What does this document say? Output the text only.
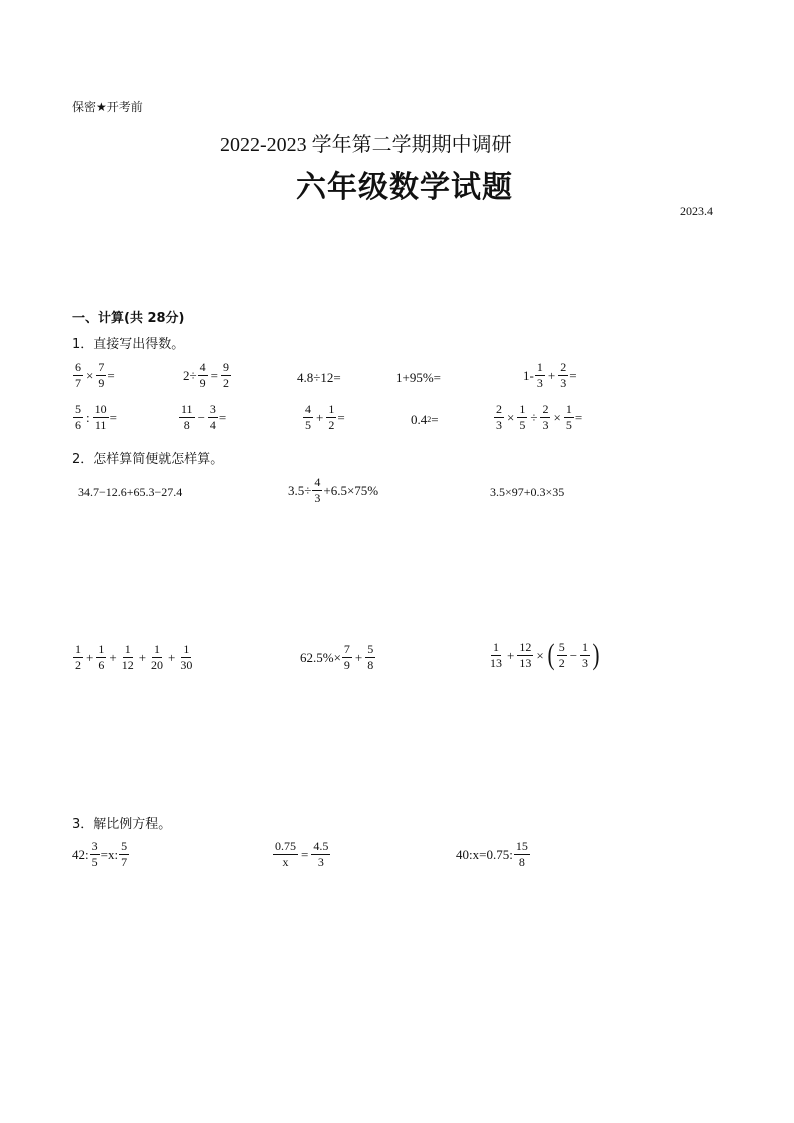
保密★开考前
2022-2023 学年第二学期期中调研
六年级数学试题
2023.4
一、计算(共 28分)
1．直接写出得数。
$\frac{6}{7} \times \frac{7}{9}$ =	$2\div \frac{4}{9} = \frac{9}{2}$	4.8÷12=	1+95%=	$1- \frac{1}{3} + \frac{2}{3}$ =
$\frac{5}{6}$ : $\frac{10}{11}$ =	$\frac{11}{8} - \frac{3}{4}$ =	$\frac{4}{5} + \frac{1}{2}$ =	0.4 2 =	$\frac{2}{3} \times \frac{1}{5} \div \frac{2}{3} \times \frac{1}{5}$ =
2．怎样算简便就怎样算。
34.7−12.6+65.3−27.4	$3.5\div \frac{4}{3} +6.5\times 75\%$	3.5×97+0.3×35
$\frac{1}{2} + \frac{1}{6} + \frac{1}{12} + \frac{1}{20} + \frac{1}{30}$	$62.5\%\times \frac{7}{9} + \frac{5}{8}$	$\frac{1}{13} + \frac{12}{13}$ × ( $\frac{5}{2} - \frac{1}{3}$ )
3．解比例方程。
42: $\frac{3}{5} =x$: $\frac{5}{7}$	$\frac{0.75}{x} = \frac{4.5}{3}$	40:x=0.75: $\frac{15}{8}$
